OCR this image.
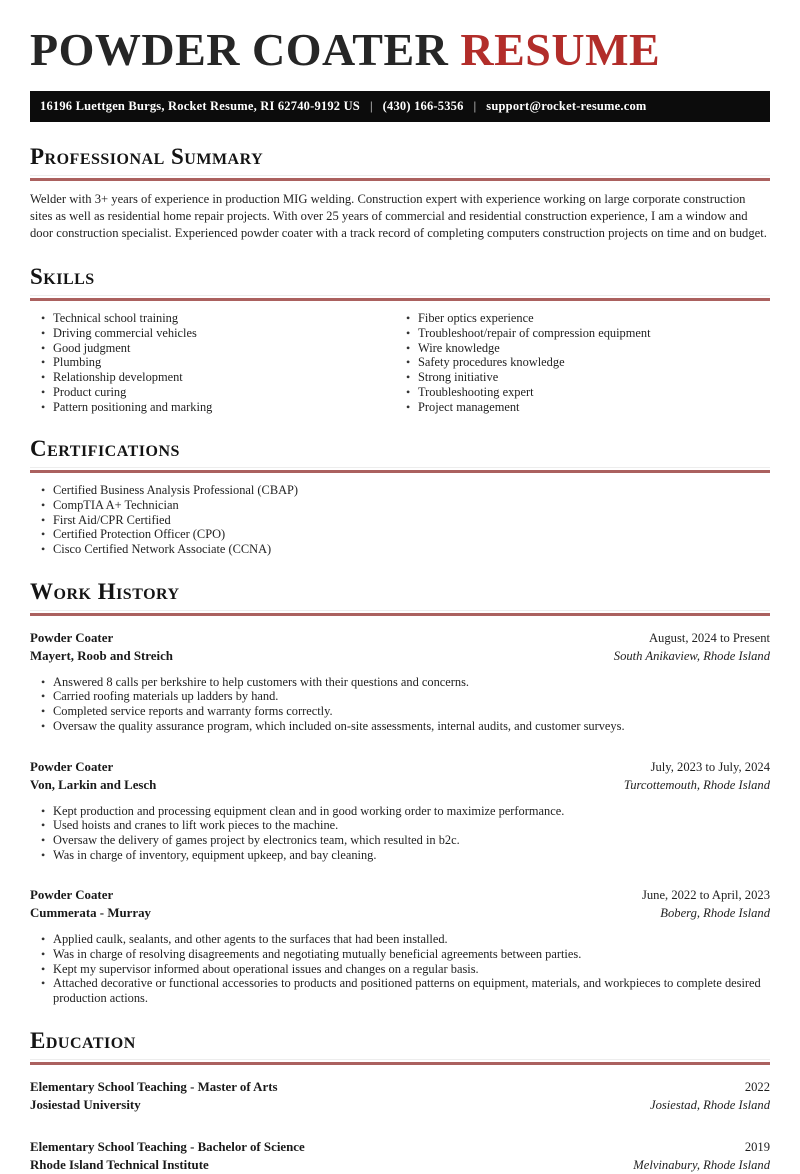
POWDER COATER RESUME
16196 Luettgen Burgs, Rocket Resume, RI 62740-9192 US | (430) 166-5356 | support@rocket-resume.com
Professional Summary

Welder with 3+ years of experience in production MIG welding. Construction expert with experience working on large corporate construction sites as well as residential home repair projects. With over 25 years of commercial and residential construction experience, I am a window and door construction specialist. Experienced powder coater with a track record of completing computers construction projects on time and on budget.

Skills
• Technical school training
• Driving commercial vehicles
• Good judgment
• Plumbing
• Relationship development
• Product curing
• Pattern positioning and marking
• Fiber optics experience
• Troubleshoot/repair of compression equipment
• Wire knowledge
• Safety procedures knowledge
• Strong initiative
• Troubleshooting expert
• Project management
Certifications
• Certified Business Analysis Professional (CBAP)
• CompTIA A+ Technician
• First Aid/CPR Certified
• Certified Protection Officer (CPO)
• Cisco Certified Network Associate (CCNA)
Work History
Powder Coater	August, 2024 to Present
Mayert, Roob and Streich	South Anikaview, Rhode Island
• Answered 8 calls per berkshire to help customers with their questions and concerns.
• Carried roofing materials up ladders by hand.
• Completed service reports and warranty forms correctly.
• Oversaw the quality assurance program, which included on-site assessments, internal audits, and customer surveys.
Powder Coater	July, 2023 to July, 2024
Von, Larkin and Lesch	Turcottemouth, Rhode Island
• Kept production and processing equipment clean and in good working order to maximize performance.
• Used hoists and cranes to lift work pieces to the machine.
• Oversaw the delivery of games project by electronics team, which resulted in b2c.
• Was in charge of inventory, equipment upkeep, and bay cleaning.
Powder Coater	June, 2022 to April, 2023
Cummerata - Murray	Boberg, Rhode Island
• Applied caulk, sealants, and other agents to the surfaces that had been installed.
• Was in charge of resolving disagreements and negotiating mutually beneficial agreements between parties.
• Kept my supervisor informed about operational issues and changes on a regular basis.
• Attached decorative or functional accessories to products and positioned patterns on equipment, materials, and workpieces to complete desired production actions.
Education
Elementary School Teaching - Master of Arts	2022
Josiestad University	Josiestad, Rhode Island
Elementary School Teaching - Bachelor of Science	2019
Rhode Island Technical Institute	Melvinabury, Rhode Island
